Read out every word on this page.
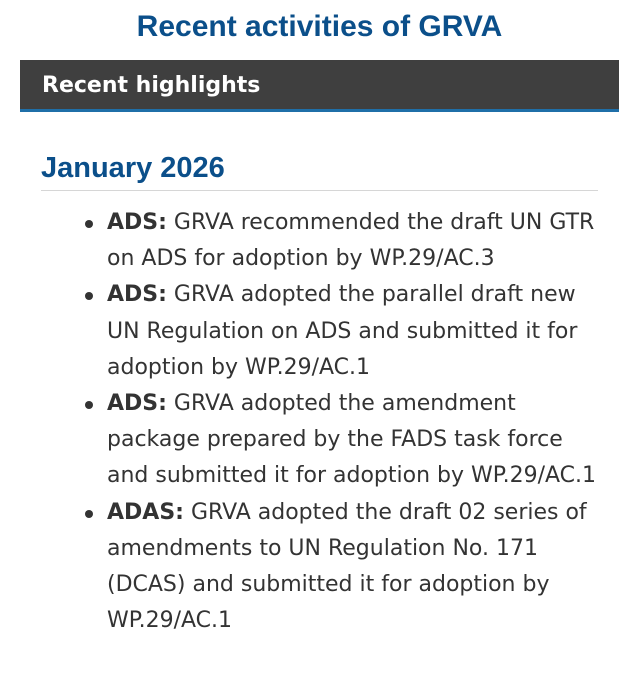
Recent activities of GRVA
Recent highlights
January 2026
ADS: GRVA recommended the draft UN GTR on ADS for adoption by WP.29/AC.3
ADS: GRVA adopted the parallel draft new UN Regulation on ADS and submitted it for adoption by WP.29/AC.1
ADS: GRVA adopted the amendment package prepared by the FADS task force and submitted it for adoption by WP.29/AC.1
ADAS: GRVA adopted the draft 02 series of amendments to UN Regulation No. 171 (DCAS) and submitted it for adoption by WP.29/AC.1
